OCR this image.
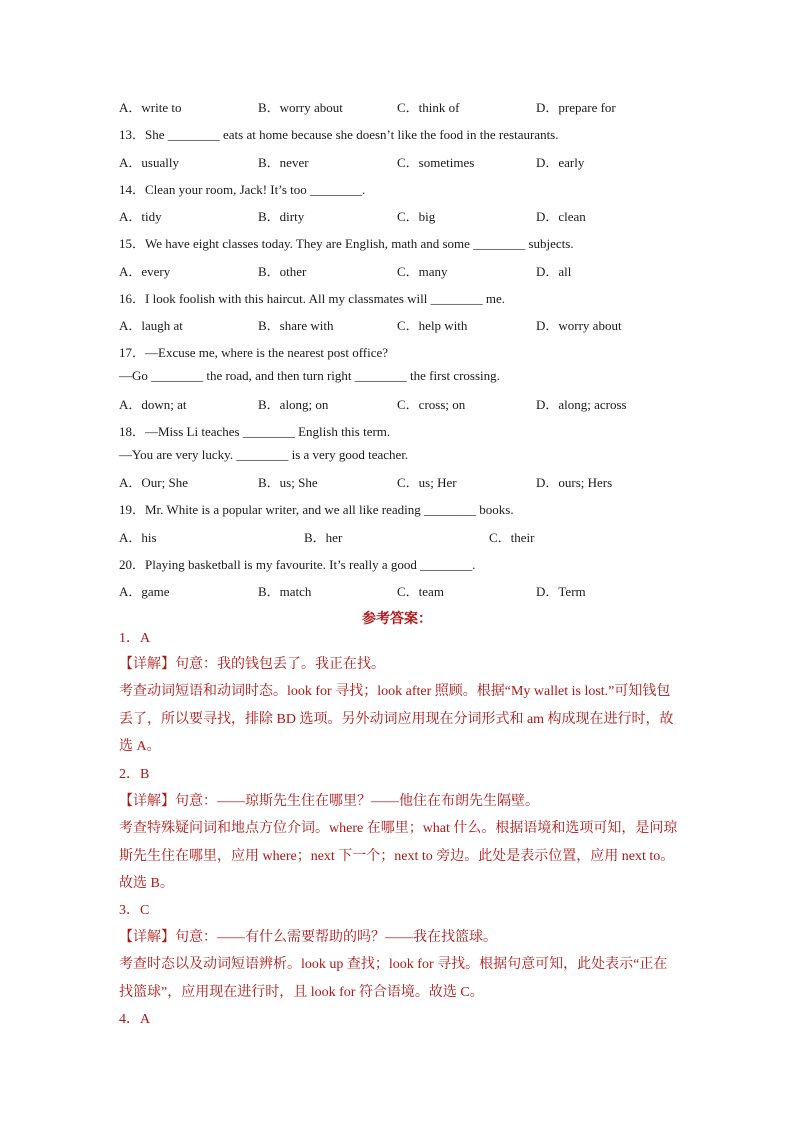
A．write to	B．worry about	C．think of	D．prepare for
13．She ________ eats at home because she doesn’t like the food in the restaurants.
A．usually	B．never	C．sometimes	D．early
14．Clean your room, Jack! It’s too ________.
A．tidy	B．dirty	C．big	D．clean
15．We have eight classes today. They are English, math and some ________ subjects.
A．every	B．other	C．many	D．all
16．I look foolish with this haircut. All my classmates will ________ me.
A．laugh at	B．share with	C．help with	D．worry about
17．—Excuse me, where is the nearest post office?
—Go ________ the road, and then turn right ________ the first crossing.
A．down; at	B．along; on	C．cross; on	D．along; across
18．—Miss Li teaches ________ English this term.
—You are very lucky. ________ is a very good teacher.
A．Our; She	B．us; She	C．us; Her	D．ours; Hers
19．Mr. White is a popular writer, and we all like reading ________ books.
A．his	B．her	C．their
20．Playing basketball is my favourite. It’s really a good ________.
A．game	B．match	C．team	D．Term
参考答案：
1．A
【详解】句意：我的钱包丢了。我正在找。
考查动词短语和动词时态。look for 寻找；look after 照顾。根据“My wallet is lost.”可知钱包
丢了，所以要寻找，排除 BD 选项。另外动词应用现在分词形式和 am 构成现在进行时，故
选 A。
2．B
【详解】句意：——琼斯先生住在哪里？——他住在布朗先生隔壁。
考查特殊疑问词和地点方位介词。where 在哪里；what 什么。根据语境和选项可知，是问琼
斯先生住在哪里，应用 where；next 下一个；next to 旁边。此处是表示位置，应用 next to。
故选 B。
3．C
【详解】句意：——有什么需要帮助的吗？——我在找篮球。
考查时态以及动词短语辨析。look up 查找；look for 寻找。根据句意可知，此处表示“正在
找篮球”，应用现在进行时，且 look for 符合语境。故选 C。
4．A
